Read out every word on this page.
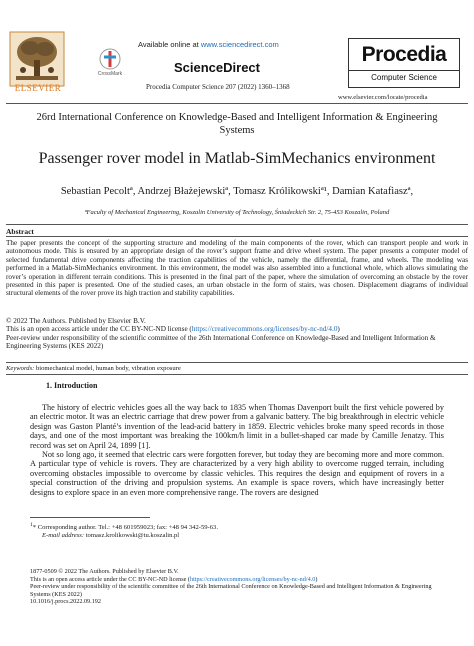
ELSEVIER
CrossMark
Available online at www.sciencedirect.com
ScienceDirect
Procedia Computer Science 207 (2022) 1360–1368
Procedia
Computer Science
www.elsevier.com/locate/procedia
26rd International Conference on Knowledge-Based and Intelligent Information & Engineering Systems
Passenger rover model in Matlab-SimMechanics environment
Sebastian Pecoltª, Andrzej Błażejewskiª, Tomasz Królikowskiª¹, Damian Katafiaszª,
ªFaculty of Mechanical Engineering, Koszalin University of Technology, Śniadeckich Str. 2, 75-453 Koszalin, Poland
Abstract
The paper presents the concept of the supporting structure and modeling of the main components of the rover, which can transport people and work in autonomous mode. This is ensured by an appropriate design of the rover’s support frame and drive wheel system. The paper presents a computer model of selected fundamental drive components affecting the traction capabilities of the vehicle, namely the differential, frame, and wheels. The modeling was performed in a Matlab-SimMechanics environment. In this environment, the model was also assembled into a functional whole, which allows simulating the rover’s operation in different terrain conditions. This is presented in the final part of the paper, where the simulation of overcoming an obstacle by the rover presented in this paper is presented. One of the studied cases, an urban obstacle in the form of stairs, was chosen. Displacement diagrams of individual structural elements of the rover prove its high traction and stability capabilities.
© 2022 The Authors. Published by Elsevier B.V.
This is an open access article under the CC BY-NC-ND license (https://creativecommons.org/licenses/by-nc-nd/4.0)
Peer-review under responsibility of the scientific committee of the 26th International Conference on Knowledge-Based and Intelligent Information & Engineering Systems (KES 2022)
Keywords: biomechanical model, human body, vibration exposure
1. Introduction

The history of electric vehicles goes all the way back to 1835 when Thomas Davenport built the first vehicle powered by an electric motor. It was an electric carriage that drew power from a galvanic battery. The big breakthrough in electric vehicle design was Gaston Planté’s invention of the lead-acid battery in 1859. Electric vehicles broke many speed records in those days, and one of the most important was breaking the 100km/h limit in a bullet-shaped car made by Camille Jenatzy. This record was set on April 24, 1899 [1].

Not so long ago, it seemed that electric cars were forgotten forever, but today they are becoming more and more common. A particular type of vehicle is rovers. They are characterized by a very high ability to overcome rugged terrain, including overcoming obstacles impossible to overcome by classic vehicles. This requires the design and equipment of rovers in a special construction of the driving and propulsion systems. An example is space rovers, which have increasingly better designs to explore space in an even more comprehensive range. The rovers are designed

$^1$* Corresponding author. Tel.: +48 601959023; fax: +48 94 342-59-63.
E-mail address: tomasz.krolikowski@tu.koszalin.pl
1877-0509 © 2022 The Authors. Published by Elsevier B.V.
This is an open access article under the CC BY-NC-ND license (https://creativecommons.org/licenses/by-nc-nd/4.0)
Peer-review under responsibility of the scientific committee of the 26th International Conference on Knowledge-Based and Intelligent Information & Engineering Systems (KES 2022)
10.1016/j.procs.2022.09.192
